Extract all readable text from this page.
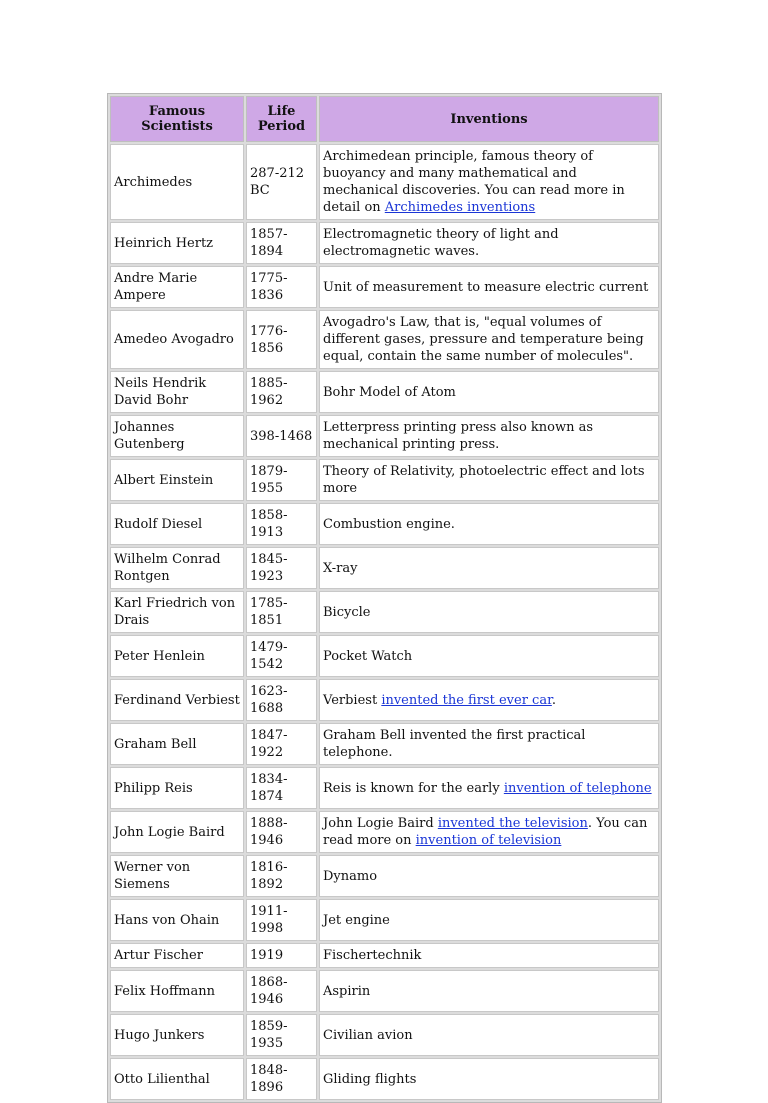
Famous Scientists	Life Period	Inventions
Archimedes	287-212 BC	Archimedean principle, famous theory of buoyancy and many mathematical and mechanical discoveries. You can read more in detail on Archimedes inventions
Heinrich Hertz	1857-1894	Electromagnetic theory of light and electromagnetic waves.
Andre Marie Ampere	1775-1836	Unit of measurement to measure electric current
Amedeo Avogadro	1776-1856	Avogadro's Law, that is, "equal volumes of different gases, pressure and temperature being equal, contain the same number of molecules".
Neils Hendrik David Bohr	1885-1962	Bohr Model of Atom
Johannes Gutenberg	398-1468	Letterpress printing press also known as mechanical printing press.
Albert Einstein	1879-1955	Theory of Relativity, photoelectric effect and lots more
Rudolf Diesel	1858-1913	Combustion engine.
Wilhelm Conrad Rontgen	1845-1923	X-ray
Karl Friedrich von Drais	1785-1851	Bicycle
Peter Henlein	1479-1542	Pocket Watch
Ferdinand Verbiest	1623-1688	Verbiest invented the first ever car.
Graham Bell	1847-1922	Graham Bell invented the first practical telephone.
Philipp Reis	1834-1874	Reis is known for the early invention of telephone
John Logie Baird	1888-1946	John Logie Baird invented the television. You can read more on invention of television
Werner von Siemens	1816-1892	Dynamo
Hans von Ohain	1911-1998	Jet engine
Artur Fischer	1919	Fischertechnik
Felix Hoffmann	1868-1946	Aspirin
Hugo Junkers	1859-1935	Civilian avion
Otto Lilienthal	1848-1896	Gliding flights
